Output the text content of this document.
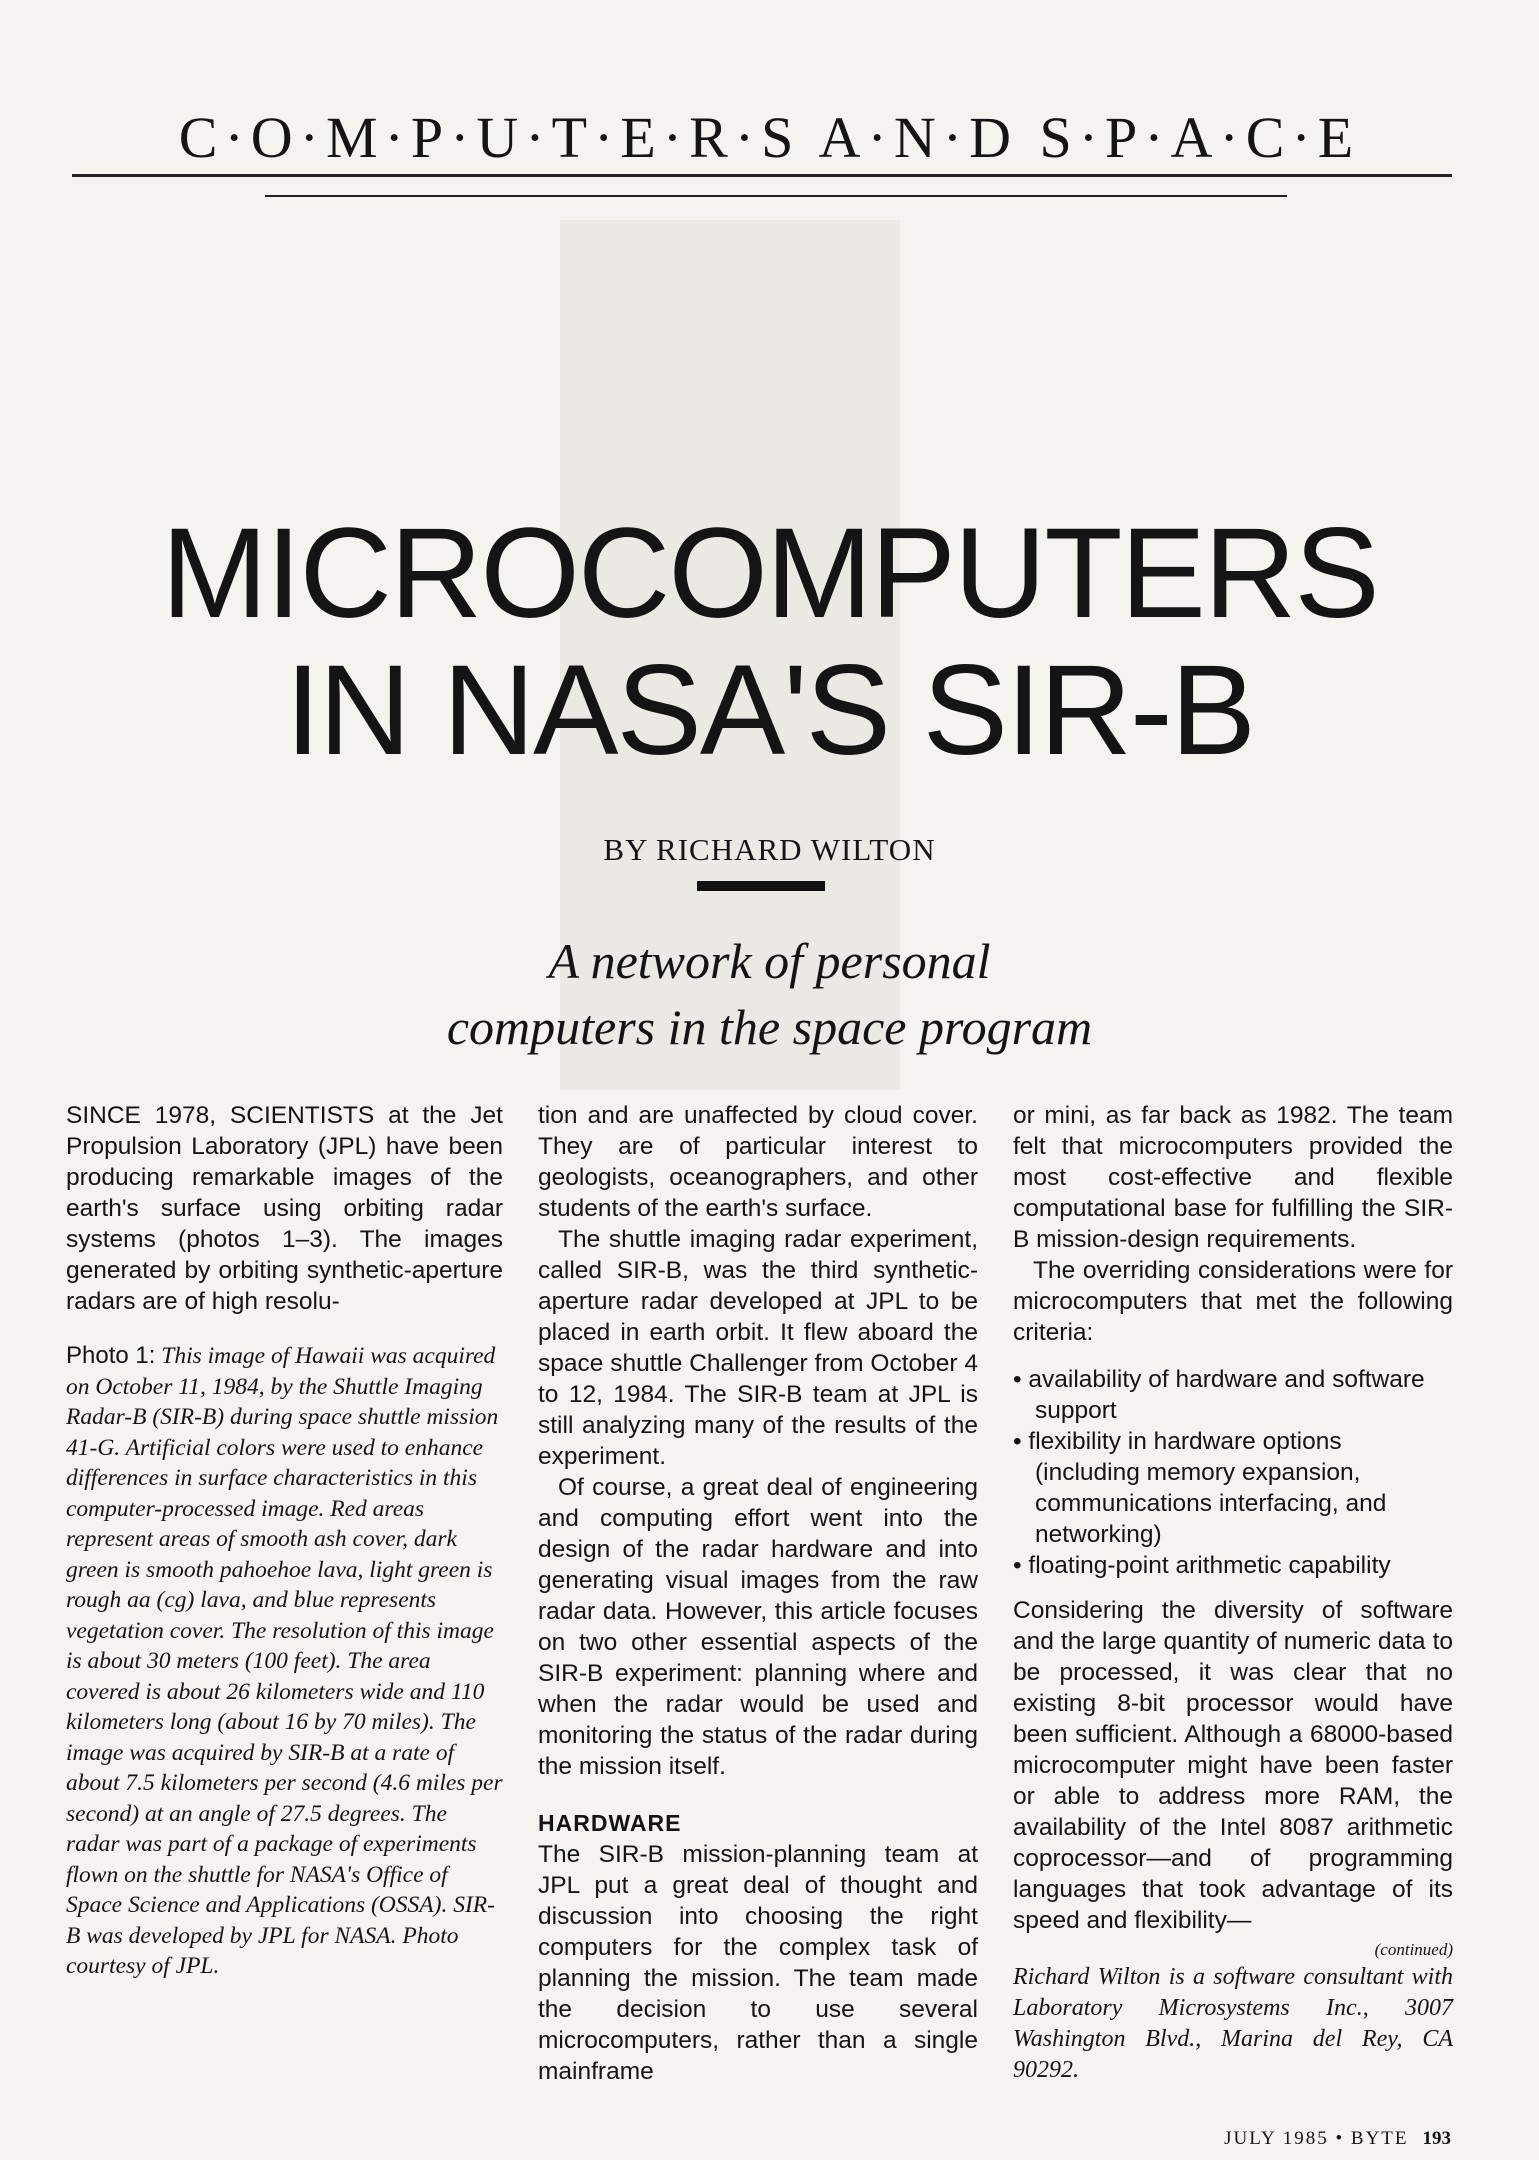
C·O·M·P·U·T·E·R·S A·N·D S·P·A·C·E
MICROCOMPUTERS
IN NASA'S SIR-B
BY RICHARD WILTON
A network of personal
computers in the space program

SINCE 1978, SCIENTISTS at the Jet Propulsion Laboratory (JPL) have been producing remarkable images of the earth's surface using orbiting radar systems (photos 1–3). The images generated by orbiting synthetic-aperture radars are of high resolu-

Photo 1: This image of Hawaii was acquired on October 11, 1984, by the Shuttle Imaging Radar-B (SIR-B) during space shuttle mission 41-G. Artificial colors were used to enhance differences in surface characteristics in this computer-processed image. Red areas represent areas of smooth ash cover, dark green is smooth pahoehoe lava, light green is rough aa (cg) lava, and blue represents vegetation cover. The resolution of this image is about 30 meters (100 feet). The area covered is about 26 kilometers wide and 110 kilometers long (about 16 by 70 miles). The image was acquired by SIR-B at a rate of about 7.5 kilometers per second (4.6 miles per second) at an angle of 27.5 degrees. The radar was part of a package of experiments flown on the shuttle for NASA's Office of Space Science and Applications (OSSA). SIR-B was developed by JPL for NASA. Photo courtesy of JPL.

tion and are unaffected by cloud cover. They are of particular interest to geologists, oceanographers, and other students of the earth's surface.

The shuttle imaging radar experiment, called SIR-B, was the third synthetic-aperture radar developed at JPL to be placed in earth orbit. It flew aboard the space shuttle Challenger from October 4 to 12, 1984. The SIR-B team at JPL is still analyzing many of the results of the experiment.

Of course, a great deal of engineering and computing effort went into the design of the radar hardware and into generating visual images from the raw radar data. However, this article focuses on two other essential aspects of the SIR-B experiment: planning where and when the radar would be used and monitoring the status of the radar during the mission itself.

HARDWARE

The SIR-B mission-planning team at JPL put a great deal of thought and discussion into choosing the right computers for the complex task of planning the mission. The team made the decision to use several microcomputers, rather than a single mainframe

or mini, as far back as 1982. The team felt that microcomputers provided the most cost-effective and flexible computational base for fulfilling the SIR-B mission-design requirements.

The overriding considerations were for microcomputers that met the following criteria:

• availability of hardware and software support

• flexibility in hardware options (including memory expansion, communications interfacing, and networking)

• floating-point arithmetic capability

Considering the diversity of software and the large quantity of numeric data to be processed, it was clear that no existing 8-bit processor would have been sufficient. Although a 68000-based microcomputer might have been faster or able to address more RAM, the availability of the Intel 8087 arithmetic coprocessor—and of programming languages that took advantage of its speed and flexibility—

(continued)

Richard Wilton is a software consultant with Laboratory Microsystems Inc., 3007 Washington Blvd., Marina del Rey, CA 90292.

JULY 1985 • BYTE 193
